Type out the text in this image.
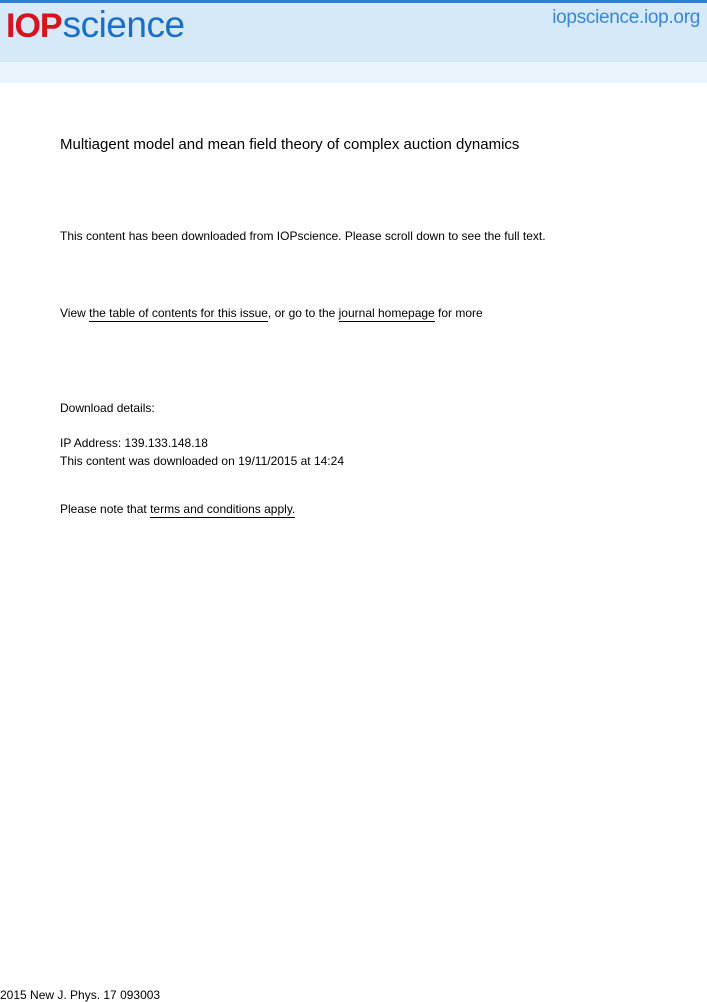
IOP science	iopscience.iop.org
Multiagent model and mean field theory of complex auction dynamics
This content has been downloaded from IOPscience. Please scroll down to see the full text.
View the table of contents for this issue, or go to the journal homepage for more
Download details:
IP Address: 139.133.148.18
This content was downloaded on 19/11/2015 at 14:24
Please note that terms and conditions apply.
2015 New J. Phys. 17 093003
